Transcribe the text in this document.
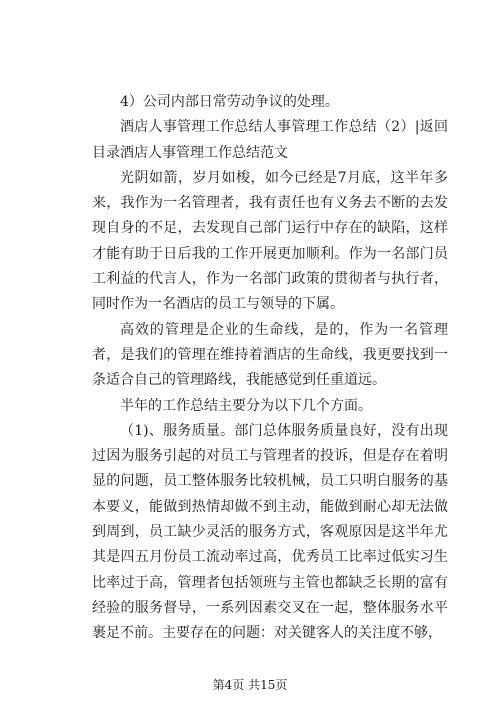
4）公司内部日常劳动争议的处理。

酒店人事管理工作总结人事管理工作总结（2）|返回目录酒店人事管理工作总结范文

光阴如箭，岁月如梭，如今已经是7月底，这半年多来，我作为一名管理者，我有责任也有义务去不断的去发现自身的不足，去发现自己部门运行中存在的缺陷，这样才能有助于日后我的工作开展更加顺利。作为一名部门员工利益的代言人，作为一名部门政策的贯彻者与执行者，同时作为一名酒店的员工与领导的下属。

高效的管理是企业的生命线，是的，作为一名管理者，是我们的管理在维持着酒店的生命线，我更要找到一条适合自己的管理路线，我能感觉到任重道远。

半年的工作总结主要分为以下几个方面。

（1)、服务质量。部门总体服务质量良好，没有出现过因为服务引起的对员工与管理者的投诉，但是存在着明显的问题，员工整体服务比较机械，员工只明白服务的基本要义，能做到热情却做不到主动，能做到耐心却无法做到周到，员工缺少灵活的服务方式，客观原因是这半年尤其是四五月份员工流动率过高，优秀员工比率过低实习生比率过于高，管理者包括领班与主管也都缺乏长期的富有经验的服务督导，一系列因素交叉在一起，整体服务水平裹足不前。主要存在的问题：对关键客人的关注度不够，

第4页 共15页
